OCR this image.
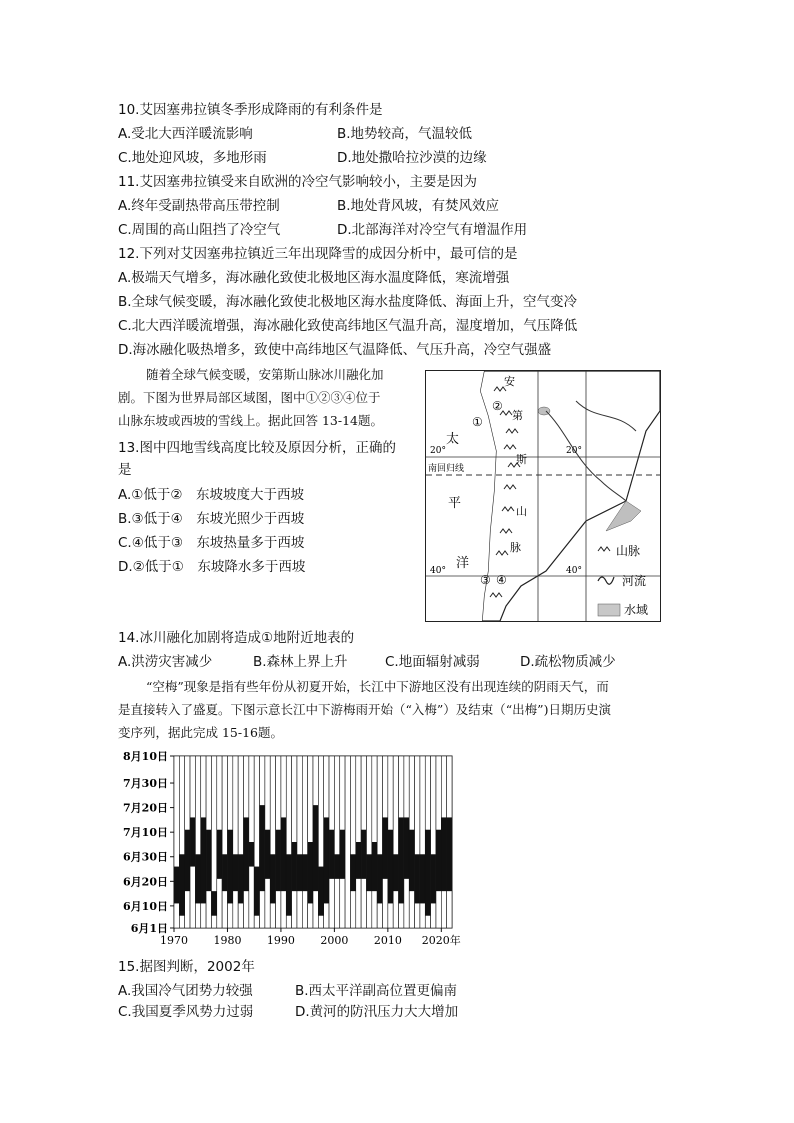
10.艾因塞弗拉镇冬季形成降雨的有利条件是
A.受北大西洋暖流影响	B.地势较高，气温较低
C.地处迎风坡，多地形雨	D.地处撒哈拉沙漠的边缘
11.艾因塞弗拉镇受来自欧洲的冷空气影响较小，主要是因为
A.终年受副热带高压带控制	B.地处背风坡，有焚风效应
C.周围的高山阻挡了冷空气	D.北部海洋对冷空气有增温作用
12.下列对艾因塞弗拉镇近三年出现降雪的成因分析中，最可信的是
A.极端天气增多，海冰融化致使北极地区海水温度降低，寒流增强
B.全球气候变暖，海冰融化致使北极地区海水盐度降低、海面上升，空气变冷
C.北大西洋暖流增强，海冰融化致使高纬地区气温升高，湿度增加，气压降低
D.海冰融化吸热增多，致使中高纬地区气温降低、气压升高，冷空气强盛
随着全球气候变暖，安第斯山脉冰川融化加
剧。下图为世界局部区域图，图中①②③④位于
山脉东坡或西坡的雪线上。据此回答 13-14题。
13.图中四地雪线高度比较及原因分析，正确的
是
A.①低于②　东坡坡度大于西坡
B.③低于④　东坡光照少于西坡
C.④低于③　东坡热量多于西坡
D.②低于①　东坡降水多于西坡
太
平
洋
安
第
斯
山
脉
①
②
③ ④
20°	20°
南回归线
40°	40°
山脉
河流
水域
14.冰川融化加剧将造成①地附近地表的
A.洪涝灾害减少	B.森林上界上升	C.地面辐射减弱	D.疏松物质减少
“空梅”现象是指有些年份从初夏开始，长江中下游地区没有出现连续的阴雨天气，而
是直接转入了盛夏。下图示意长江中下游梅雨开始（“入梅”）及结束（“出梅”)日期历史演
变序列，据此完成 15-16题。
8月10日
7月30日
7月20日
7月10日
6月30日
6月20日
6月10日
6月1日
1970 1980 1990 2000 2010 2020年
15.据图判断，2002年
A.我国冷气团势力较强	B.西太平洋副高位置更偏南
C.我国夏季风势力过弱	D.黄河的防汛压力大大增加
